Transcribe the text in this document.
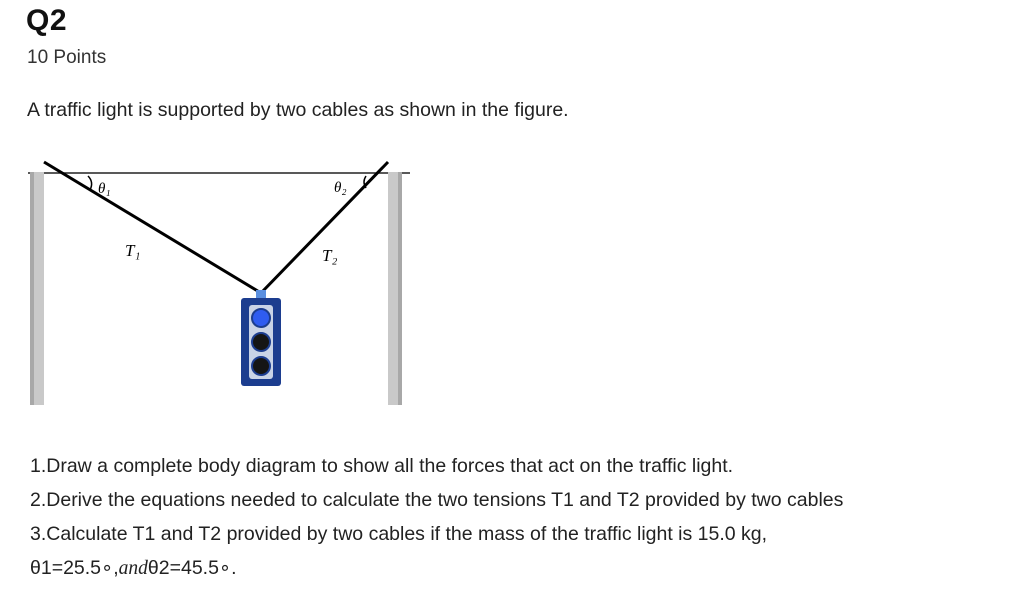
Q2
10 Points
A traffic light is supported by two cables as shown in the figure.
θ₁	θ₂
T₁	T₂
1.Draw a complete body diagram to show all the forces that act on the traffic light.
2.Derive the equations needed to calculate the two tensions T1 and T2 provided by two cables
3.Calculate T1 and T2 provided by two cables if the mass of the traffic light is 15.0 kg,
θ1=25.5∘,andθ2=45.5∘.
